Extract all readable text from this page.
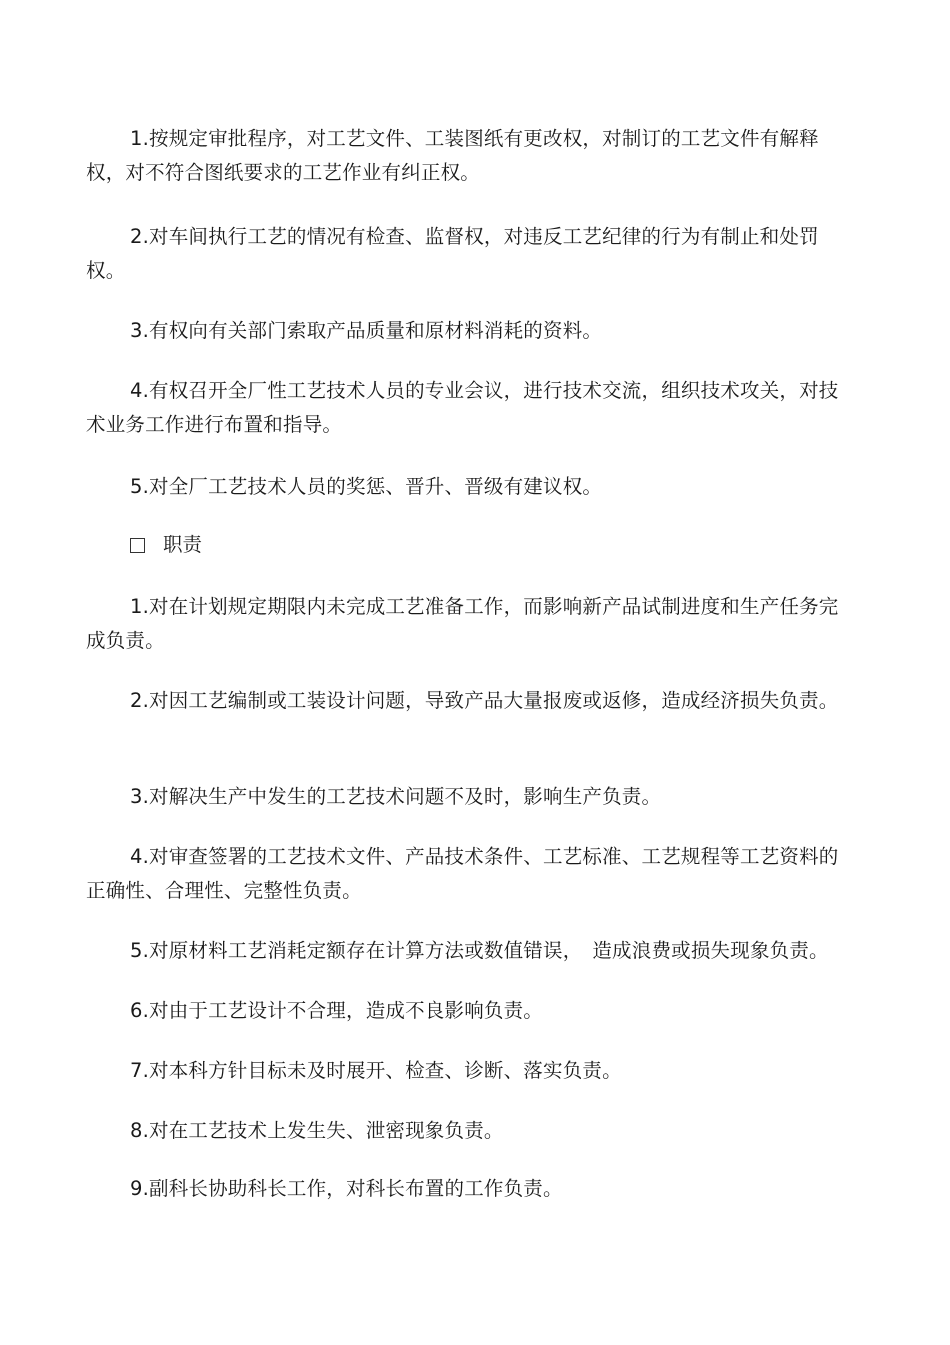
1.按规定审批程序，对工艺文件、工装图纸有更改权，对制订的工艺文件有解释权，对不符合图纸要求的工艺作业有纠正权。

2.对车间执行工艺的情况有检查、监督权，对违反工艺纪律的行为有制止和处罚权。

3.有权向有关部门索取产品质量和原材料消耗的资料。

4.有权召开全厂性工艺技术人员的专业会议，进行技术交流，组织技术攻关，对技术业务工作进行布置和指导。

5.对全厂工艺技术人员的奖惩、晋升、晋级有建议权。

职责

1.对在计划规定期限内未完成工艺准备工作，而影响新产品试制进度和生产任务完成负责。

2.对因工艺编制或工装设计问题，导致产品大量报废或返修，造成经济损失负责。

3.对解决生产中发生的工艺技术问题不及时，影响生产负责。

4.对审查签署的工艺技术文件、产品技术条件、工艺标准、工艺规程等工艺资料的正确性、合理性、完整性负责。

5.对原材料工艺消耗定额存在计算方法或数值错误，　造成浪费或损失现象负责。

6.对由于工艺设计不合理，造成不良影响负责。

7.对本科方针目标未及时展开、检查、诊断、落实负责。

8.对在工艺技术上发生失、泄密现象负责。

9.副科长协助科长工作，对科长布置的工作负责。
